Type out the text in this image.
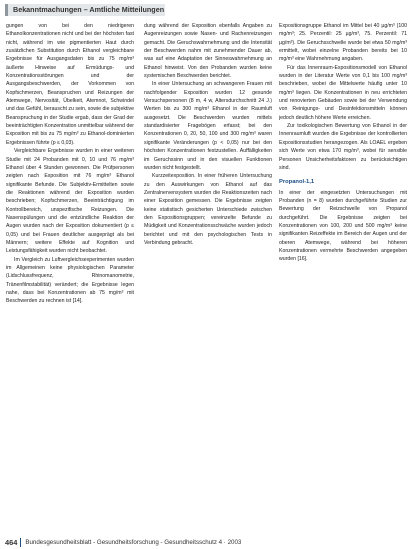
Bekanntmachungen – Amtliche Mitteilungen

gungen von bei den niedrigeren Ethanolkonzentrationen nicht und bei der höchsten fast nicht, während im wie pigmentierten Haut durch zusätzlichen Substitution durch Ethanol vergleichbare Ergebnisse für Ausgangsdaten bis zu 75 mg/m³ äußerte Hinweise auf Ermüdungs- und Konzentrationsstörungen und der Ausgangsbeschwerden, der Vorkommen von Kopfschmerzen, Beanspruchen und Reizungen der Atemwege, Nervosität, Übelkeit, Atemnot, Schwindel und das Gefühl, berauscht zu sein, sowie die subjektive Beanspruchung in der Studie ergab, dass der Grad der beeinträchtigten Konzentration unmittelbar während der Exposition mit bis zu 75 mg/m³ zu Ethanol-dominierten Ergebnissen führte (p ≤ 0,03).

Vergleichbare Ergebnisse wurden in einer weiteren Studie mit 24 Probanden mit 0, 10 und 76 mg/m³ Ethanol über 4 Stunden gewonnen. Die Prüfpersonen zeigten nach Exposition mit 76 mg/m³ Ethanol signifikante Befunde. Die Subjektiv-Ermittelten sowie die Reaktionen während der Exposition wurden beschrieben; Kopfschmerzen, Beeinträchtigung im Kontrollbereich, unspezifische Reizungen. Die Nasenspülungen und die entzündliche Reaktion der Augen wurden nach der Exposition dokumentiert (p ≤ 0,05) und bei Frauen deutlicher ausgeprägt als bei Männern; weitere Effekte auf Kognition und Leistungsfähigkeit wurden nicht beobachtet.

Im Vergleich zu Luftvergleichsexperimenten wurden im Allgemeinen keine physiologischen Parameter (Lidschlussfrequenz, Rhinomanometrie, Tränenfilmstabilität) verändert; die Ergebnisse legen nahe, dass bei Konzentrationen ab 75 mg/m³ mit Beschwerden zu rechnen ist [14].

dung während der Exposition ebenfalls Angaben zu Augenreizungen sowie Nasen- und Rachenreizungen gemacht. Die Geruchswahrnehmung und die Intensität der Beschwerden nahm mit zunehmender Dauer ab, was auf eine Adaptation der Sinneswahrnehmung an Ethanol hinweist. Von den Probanden wurden keine systemischen Beschwerden berichtet.

In einer Untersuchung an schwangeren Frauen mit nachfolgender Exposition wurden 12 gesunde Versuchspersonen (8 m, 4 w, Altersdurchschnitt 24 J.) Werten bis zu 300 mg/m³ Ethanol in der Raumluft ausgesetzt. Die Beschwerden wurden mittels standardisierter Fragebögen erfasst; bei den Konzentrationen 0, 20, 50, 100 und 300 mg/m³ waren signifikante Veränderungen (p < 0,05) nur bei den höchsten Konzentrationen festzustellen. Auffälligkeiten im Geruchssinn und in den visuellen Funktionen wurden nicht festgestellt.

Kurzzeitexposition. In einer früheren Untersuchung zu den Auswirkungen von Ethanol auf das Zentralnervensystem wurden die Reaktionszeiten nach einer Exposition gemessen. Die Ergebnisse zeigten keine statistisch gesicherten Unterschiede zwischen den Expositionsgruppen; vereinzelte Befunde zu Müdigkeit und Konzentrationsschwäche wurden jedoch berichtet und mit den psychologischen Tests in Verbindung gebracht.

Expositionsgruppe Ethanol im Mittel bei 40 µg/m³ (100 mg/m³; 25. Perzentil: 25 µg/m³, 75. Perzentil: 71 µg/m³). Die Geruchsschwelle wurde bei etwa 50 mg/m³ ermittelt, wobei einzelne Probanden bereits bei 10 mg/m³ eine Wahrnehmung angaben.

Für das Innenraum-Expositionsmodell von Ethanol wurden in der Literatur Werte von 0,1 bis 100 mg/m³ beschrieben, wobei die Mittelwerte häufig unter 10 mg/m³ liegen. Die Konzentrationen in neu errichteten und renovierten Gebäuden sowie bei der Verwendung von Reinigungs- und Desinfektionsmitteln können jedoch deutlich höhere Werte erreichen.

Zur toxikologischen Bewertung von Ethanol in der Innenraumluft wurden die Ergebnisse der kontrollierten Expositionsstudien herangezogen. Als LOAEL ergeben sich Werte von etwa 170 mg/m³, wobei für sensible Personen Unsicherheitsfaktoren zu berücksichtigen sind.

Propanol-1,1

In einer der eingesetzten Untersuchungen mit Probanden (n = 8) wurden durchgeführte Studien zur Bewertung der Reizschwelle von Propanol durchgeführt. Die Ergebnisse zeigten bei Konzentrationen von 100, 200 und 500 mg/m³ keine signifikanten Reizeffekte im Bereich der Augen und der oberen Atemwege, während bei höheren Konzentrationen vermehrte Beschwerden angegeben wurden [16].

464	Bundesgesundheitsblatt - Gesundheitsforschung - Gesundheitsschutz 4 · 2003
